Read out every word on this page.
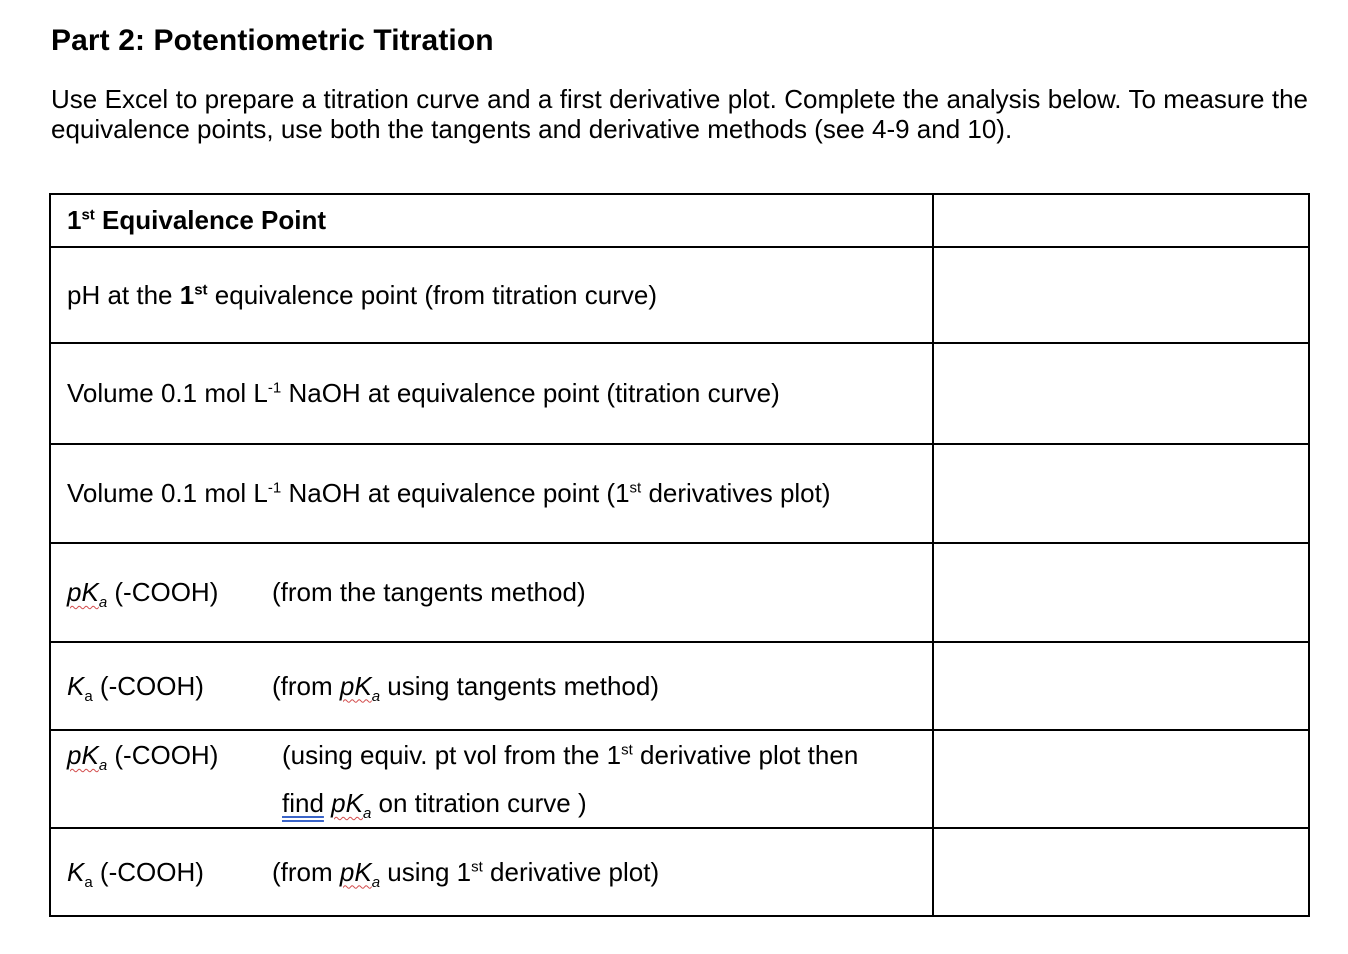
Part 2: Potentiometric Titration
Use Excel to prepare a titration curve and a first derivative plot. Complete the analysis below. To measure the equivalence points, use both the tangents and derivative methods (see 4-9 and 10).
1st Equivalence Point	
pH at the 1st equivalence point (from titration curve)	
Volume 0.1 mol $L^{-1}$ NaOH at equivalence point (titration curve)	
Volume 0.1 mol $L^{-1}$ NaOH at equivalence point (1st derivatives plot)	
$pK_a$ (-COOH) (from the tangents method)	
$K_a$ (-COOH) (from $pK_a$ using tangents method)	
$pK_a$ (-COOH) (using equiv. pt vol from the 1st derivative plot then
find $pK_a$ on titration curve )	
$K_a$ (-COOH) (from $pK_a$ using 1st derivative plot)	
